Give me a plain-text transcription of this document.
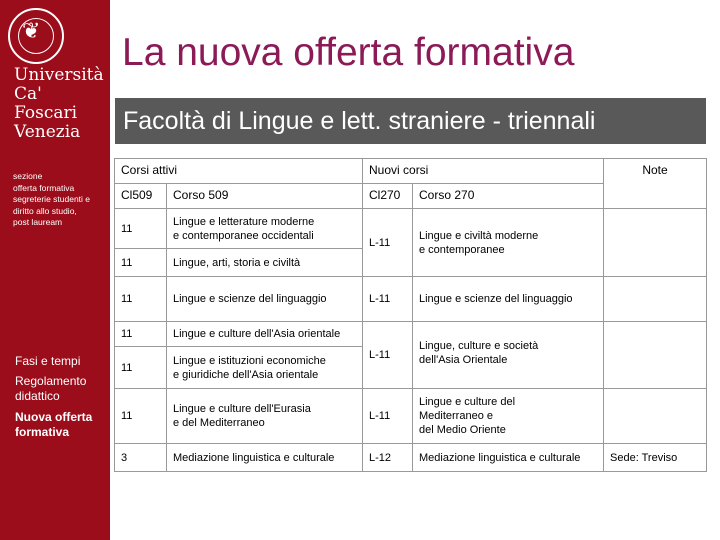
❦
Università
Ca' Foscari
Venezia
sezione
offerta formativa
segreterie studenti e
diritto allo studio,
post lauream
Fasi e tempi
Regolamento didattico
Nuova offerta formativa
La nuova offerta formativa
Facoltà di Lingue e lett. straniere - triennali
Corsi attivi		Nuovi corsi		Note
Cl509	Corso 509	Cl270	Corso 270	
11	Lingue e letterature moderne
e contemporanee occidentali	L-11	Lingue e civiltà moderne
e contemporanee	
11	Lingue, arti, storia e civiltà			
11	Lingue e scienze del linguaggio	L-11	Lingue e scienze del linguaggio	
11	Lingue e culture dell'Asia orientale	L-11	Lingue, culture e società
dell'Asia Orientale	
11	Lingue e istituzioni economiche
e giuridiche dell'Asia orientale			
11	Lingue e culture dell'Eurasia
e del Mediterraneo	L-11	Lingue e culture del
Mediterraneo e
del Medio Oriente	
3	Mediazione linguistica e culturale	L-12	Mediazione linguistica e culturale	Sede: Treviso
